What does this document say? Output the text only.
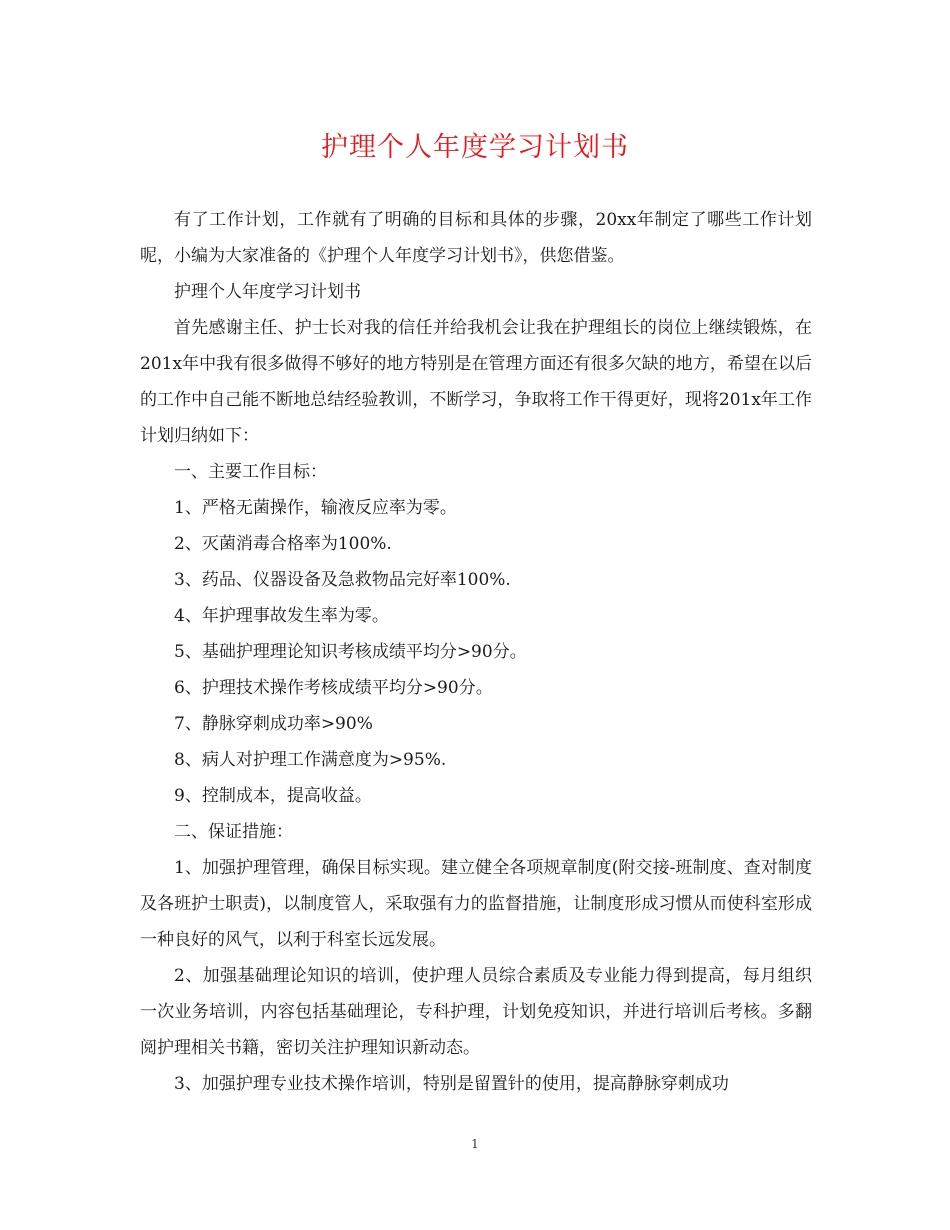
护理个人年度学习计划书

有了工作计划，工作就有了明确的目标和具体的步骤，20xx年制定了哪些工作计划呢，小编为大家准备的《护理个人年度学习计划书》，供您借鉴。

护理个人年度学习计划书

首先感谢主任、护士长对我的信任并给我机会让我在护理组长的岗位上继续锻炼，在201x年中我有很多做得不够好的地方特别是在管理方面还有很多欠缺的地方，希望在以后的工作中自己能不断地总结经验教训，不断学习，争取将工作干得更好，现将201x年工作计划归纳如下：

一、主要工作目标：

1、严格无菌操作，输液反应率为零。

2、灭菌消毒合格率为100%.

3、药品、仪器设备及急救物品完好率100%.

4、年护理事故发生率为零。

5、基础护理理论知识考核成绩平均分>90分。

6、护理技术操作考核成绩平均分>90分。

7、静脉穿刺成功率>90%

8、病人对护理工作满意度为>95%.

9、控制成本，提高收益。

二、保证措施：

1、加强护理管理，确保目标实现。建立健全各项规章制度(附交接-班制度、查对制度及各班护士职责)，以制度管人，采取强有力的监督措施，让制度形成习惯从而使科室形成一种良好的风气，以利于科室长远发展。

2、加强基础理论知识的培训，使护理人员综合素质及专业能力得到提高，每月组织一次业务培训，内容包括基础理论，专科护理，计划免疫知识，并进行培训后考核。多翻阅护理相关书籍，密切关注护理知识新动态。

3、加强护理专业技术操作培训，特别是留置针的使用，提高静脉穿刺成功

1
